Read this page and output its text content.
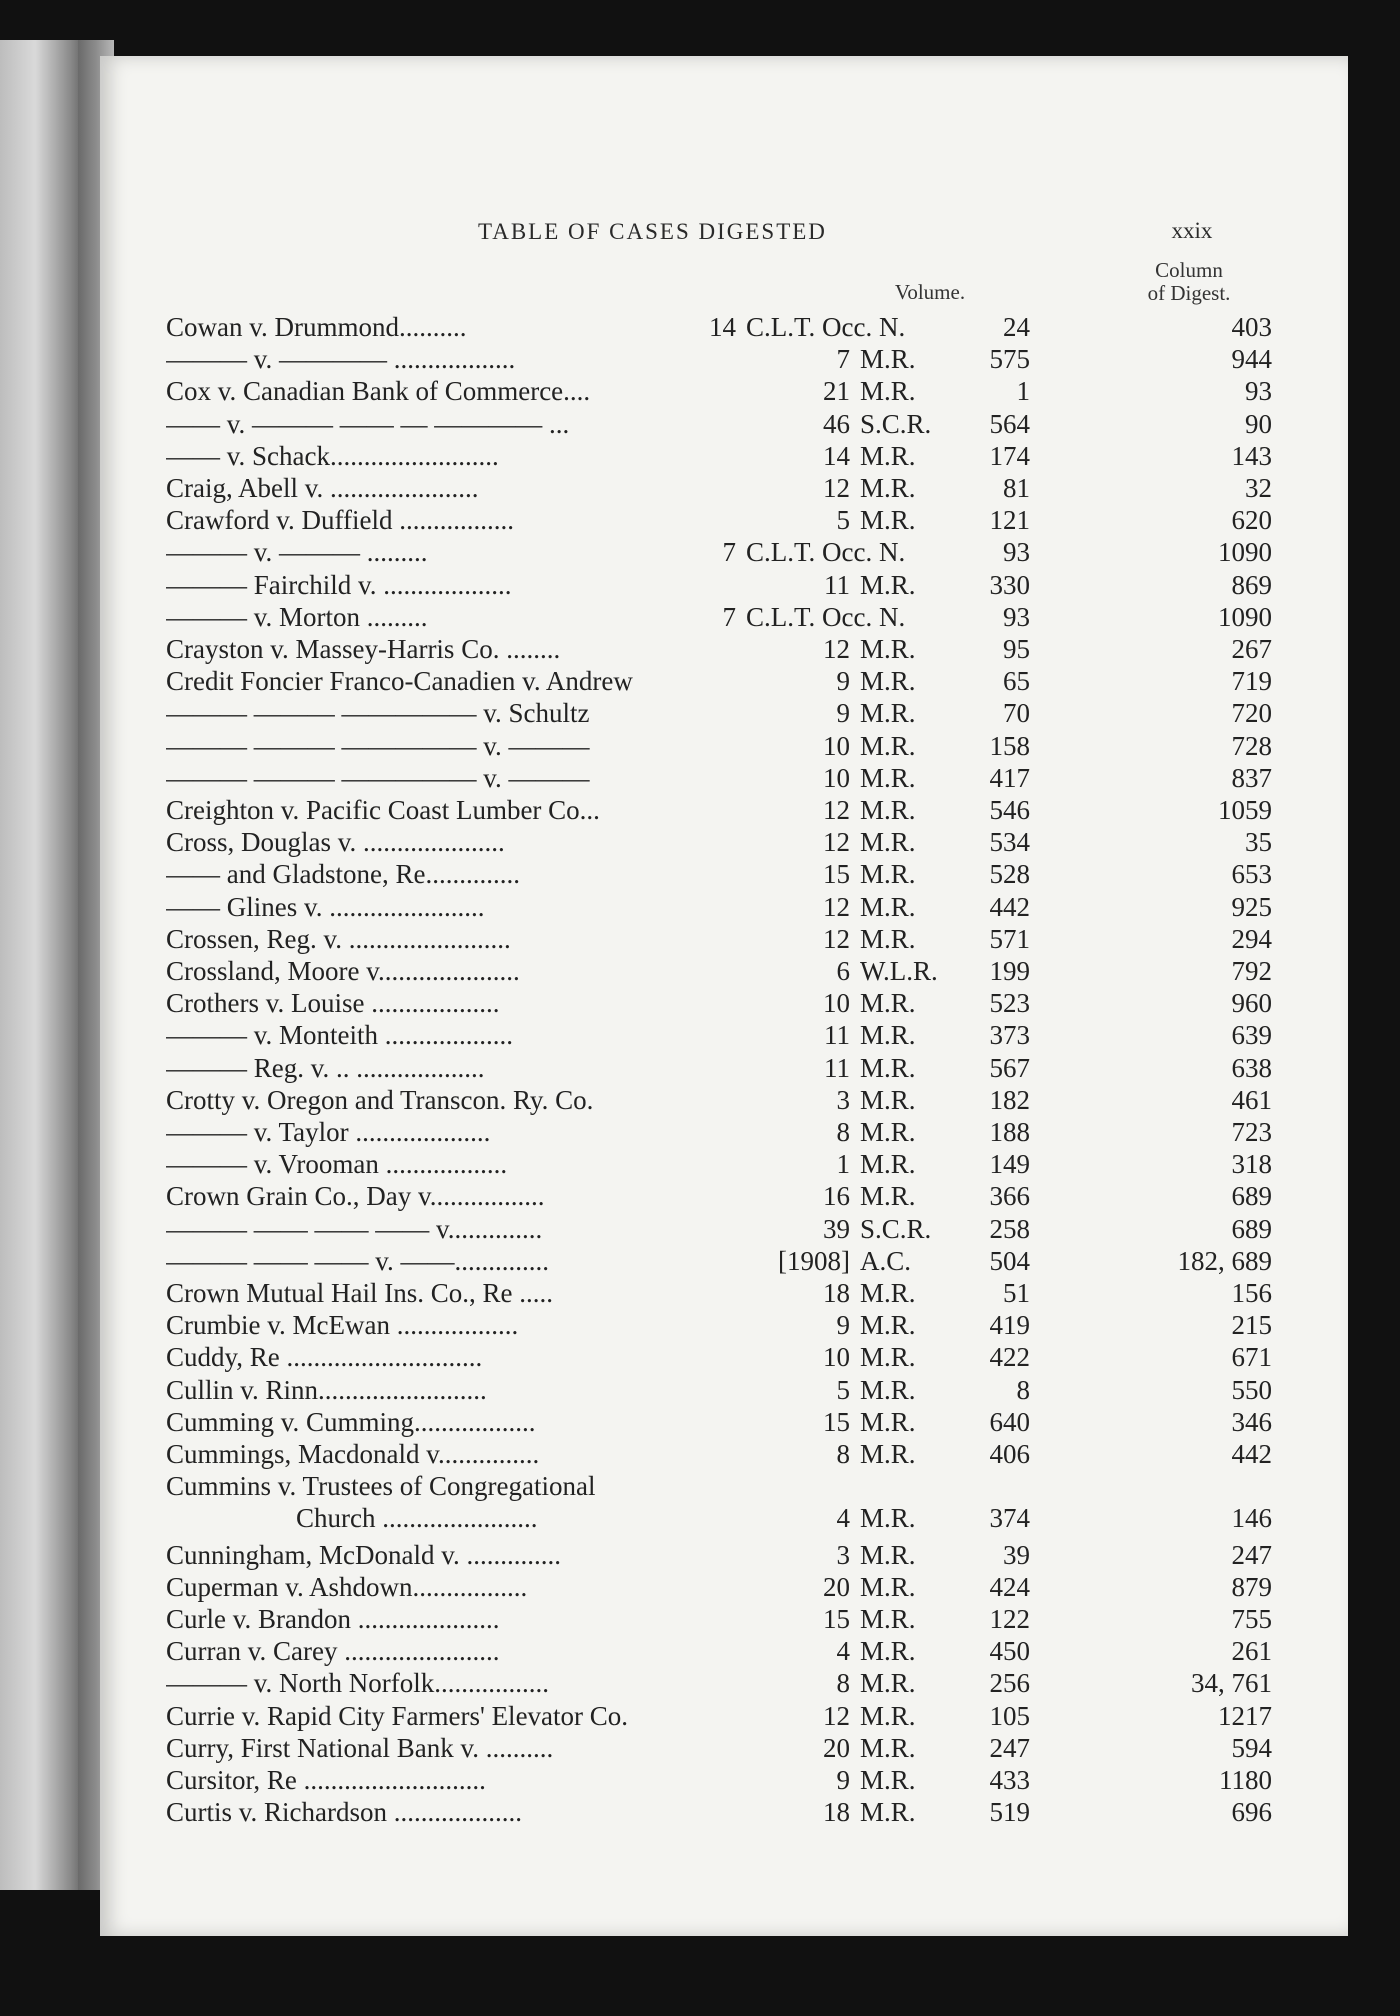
TABLE OF CASES DIGESTED	xxix
Volume.
Column
of Digest.
Cowan v. Drummond..........	14 C.L.T. Occ. N.	24	403
——— v. ———— ..................	7 M.R.	575	944
Cox v. Canadian Bank of Commerce....	21 M.R.	1	93
—— v. ——— —— — ———— ...	46 S.C.R.	564	90
—— v. Schack.........................	14 M.R.	174	143
Craig, Abell v. ......................	12 M.R.	81	32
Crawford v. Duffield .................	5 M.R.	121	620
——— v. ——— .........	7 C.L.T. Occ. N.	93	1090
——— Fairchild v. ...................	11 M.R.	330	869
——— v. Morton .........	7 C.L.T. Occ. N.	93	1090
Crayston v. Massey-Harris Co. ........	12 M.R.	95	267
Credit Foncier Franco-Canadien v. Andrew	9 M.R.	65	719
——— ——— ————— v. Schultz	9 M.R.	70	720
——— ——— ————— v. ———	10 M.R.	158	728
——— ——— ————— v. ———	10 M.R.	417	837
Creighton v. Pacific Coast Lumber Co...	12 M.R.	546	1059
Cross, Douglas v. .....................	12 M.R.	534	35
—— and Gladstone, Re..............	15 M.R.	528	653
—— Glines v. .......................	12 M.R.	442	925
Crossen, Reg. v. ........................	12 M.R.	571	294
Crossland, Moore v.....................	6 W.L.R.	199	792
Crothers v. Louise ...................	10 M.R.	523	960
——— v. Monteith ...................	11 M.R.	373	639
——— Reg. v. .. ...................	11 M.R.	567	638
Crotty v. Oregon and Transcon. Ry. Co.	3 M.R.	182	461
——— v. Taylor ....................	8 M.R.	188	723
——— v. Vrooman ..................	1 M.R.	149	318
Crown Grain Co., Day v.................	16 M.R.	366	689
——— —— —— —— v..............	39 S.C.R.	258	689
——— —— —— v. ——..............	[1908] A.C.	504	182, 689
Crown Mutual Hail Ins. Co., Re .....	18 M.R.	51	156
Crumbie v. McEwan ..................	9 M.R.	419	215
Cuddy, Re .............................	10 M.R.	422	671
Cullin v. Rinn.........................	5 M.R.	8	550
Cumming v. Cumming..................	15 M.R.	640	346
Cummings, Macdonald v...............	8 M.R.	406	442
Cummins v. Trustees of Congregational
Church .......................	4 M.R.	374	146
Cunningham, McDonald v. ..............	3 M.R.	39	247
Cuperman v. Ashdown.................	20 M.R.	424	879
Curle v. Brandon .....................	15 M.R.	122	755
Curran v. Carey .......................	4 M.R.	450	261
——— v. North Norfolk.................	8 M.R.	256	34, 761
Currie v. Rapid City Farmers' Elevator Co.	12 M.R.	105	1217
Curry, First National Bank v. ..........	20 M.R.	247	594
Cursitor, Re ...........................	9 M.R.	433	1180
Curtis v. Richardson ...................	18 M.R.	519	696
